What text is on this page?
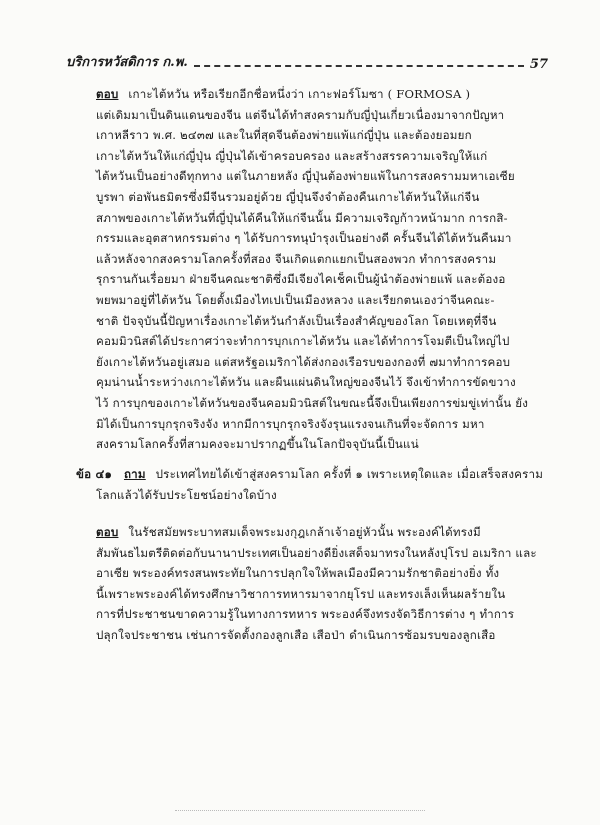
บริการหวัสดิการ ก.พ.	57
ตอบ เกาะไต้หวัน หรือเรียกอีกชื่อหนึ่งว่า เกาะฟอร์โมซา ( FORMOSA )
แต่เดิมมาเป็นดินแดนของจีน แต่จีนได้ทำสงครามกับญี่ปุ่นเกี่ยวเนื่องมาจากปัญหา
เกาหลีราว พ.ศ. ๒๔๓๗ และในที่สุดจีนต้องพ่ายแพ้แก่ญี่ปุ่น และต้องยอมยก
เกาะไต้หวันให้แก่ญี่ปุ่น ญี่ปุ่นได้เข้าครอบครอง และสร้างสรรความเจริญให้แก่
ไต้หวันเป็นอย่างดีทุกทาง แต่ในภายหลัง ญี่ปุ่นต้องพ่ายแพ้ในการสงครามมหาเอเซีย
บูรพา ต่อพันธมิตรซึ่งมีจีนรวมอยู่ด้วย ญี่ปุ่นจึงจำต้องคืนเกาะไต้หวันให้แก่จีน
สภาพของเกาะไต้หวันที่ญี่ปุ่นได้คืนให้แก่จีนนั้น มีความเจริญก้าวหน้ามาก การกสิ-
กรรมและอุตสาหกรรมต่าง ๆ ได้รับการทนุบำรุงเป็นอย่างดี ครั้นจีนได้ไต้หวันคืนมา
แล้วหลังจากสงครามโลกครั้งที่สอง จีนเกิดแตกแยกเป็นสองพวก ทำการสงคราม
รุกรานกันเรื่อยมา ฝ่ายจีนคณะชาติซึ่งมีเจียงไคเช็คเป็นผู้นำต้องพ่ายแพ้ และต้องอ
พยพมาอยู่ที่ไต้หวัน โดยตั้งเมืองไทเปเป็นเมืองหลวง และเรียกตนเองว่าจีนคณะ-
ชาติ ปัจจุบันนี้ปัญหาเรื่องเกาะไต้หวันกำลังเป็นเรื่องสำคัญของโลก โดยเหตุที่จีน
คอมมิวนิสต์ได้ประกาศว่าจะทำการบุกเกาะไต้หวัน และได้ทำการโจมตีเป็นใหญ่ไป
ยังเกาะไต้หวันอยู่เสมอ แต่สหรัฐอเมริกาได้ส่งกองเรือรบของกองที่ ๗มาทำการคอบ
คุมน่านน้ำระหว่างเกาะไต้หวัน และผืนแผ่นดินใหญ่ของจีนไว้ จึงเข้าทำการขัดขวาง
ไว้ การบุกของเกาะไต้หวันของจีนคอมมิวนิสต์ในขณะนี้จึงเป็นเพียงการข่มขู่เท่านั้น ยัง
มิได้เป็นการบุกรุกจริงจัง หากมีการบุกรุกจริงจังรุนแรงจนเกินที่จะจัดการ มหา
สงครามโลกครั้งที่สามคงจะมาปรากฏขึ้นในโลกปัจจุบันนี้เป็นแน่
ข้อ ๔๑ ถาม ประเทศไทยได้เข้าสู่สงครามโลก ครั้งที่ ๑ เพราะเหตุใดและ เมื่อเสร็จสงคราม
โลกแล้วได้รับประโยชน์อย่างใดบ้าง
ตอบ ในรัชสมัยพระบาทสมเด็จพระมงกุฎเกล้าเจ้าอยู่หัวนั้น พระองค์ได้ทรงมี
สัมพันธไมตรีติดต่อกับนานาประเทศเป็นอย่างดียิ่งเสด็จมาทรงในหลังปุโรป อเมริกา และ
อาเซีย พระองค์ทรงสนพระทัยในการปลุกใจให้พลเมืองมีความรักชาติอย่างยิ่ง ทั้ง
นี้เพราะพระองค์ได้ทรงศึกษาวิชาการทหารมาจากยุโรป และทรงเล็งเห็นผลร้ายใน
การที่ประชาชนขาดความรู้ในทางการทหาร พระองค์จึงทรงจัดวิธีการต่าง ๆ ทำการ
ปลุกใจประชาชน เช่นการจัดตั้งกองลูกเสือ เสือป่า ดำเนินการซ้อมรบของลูกเสือ
